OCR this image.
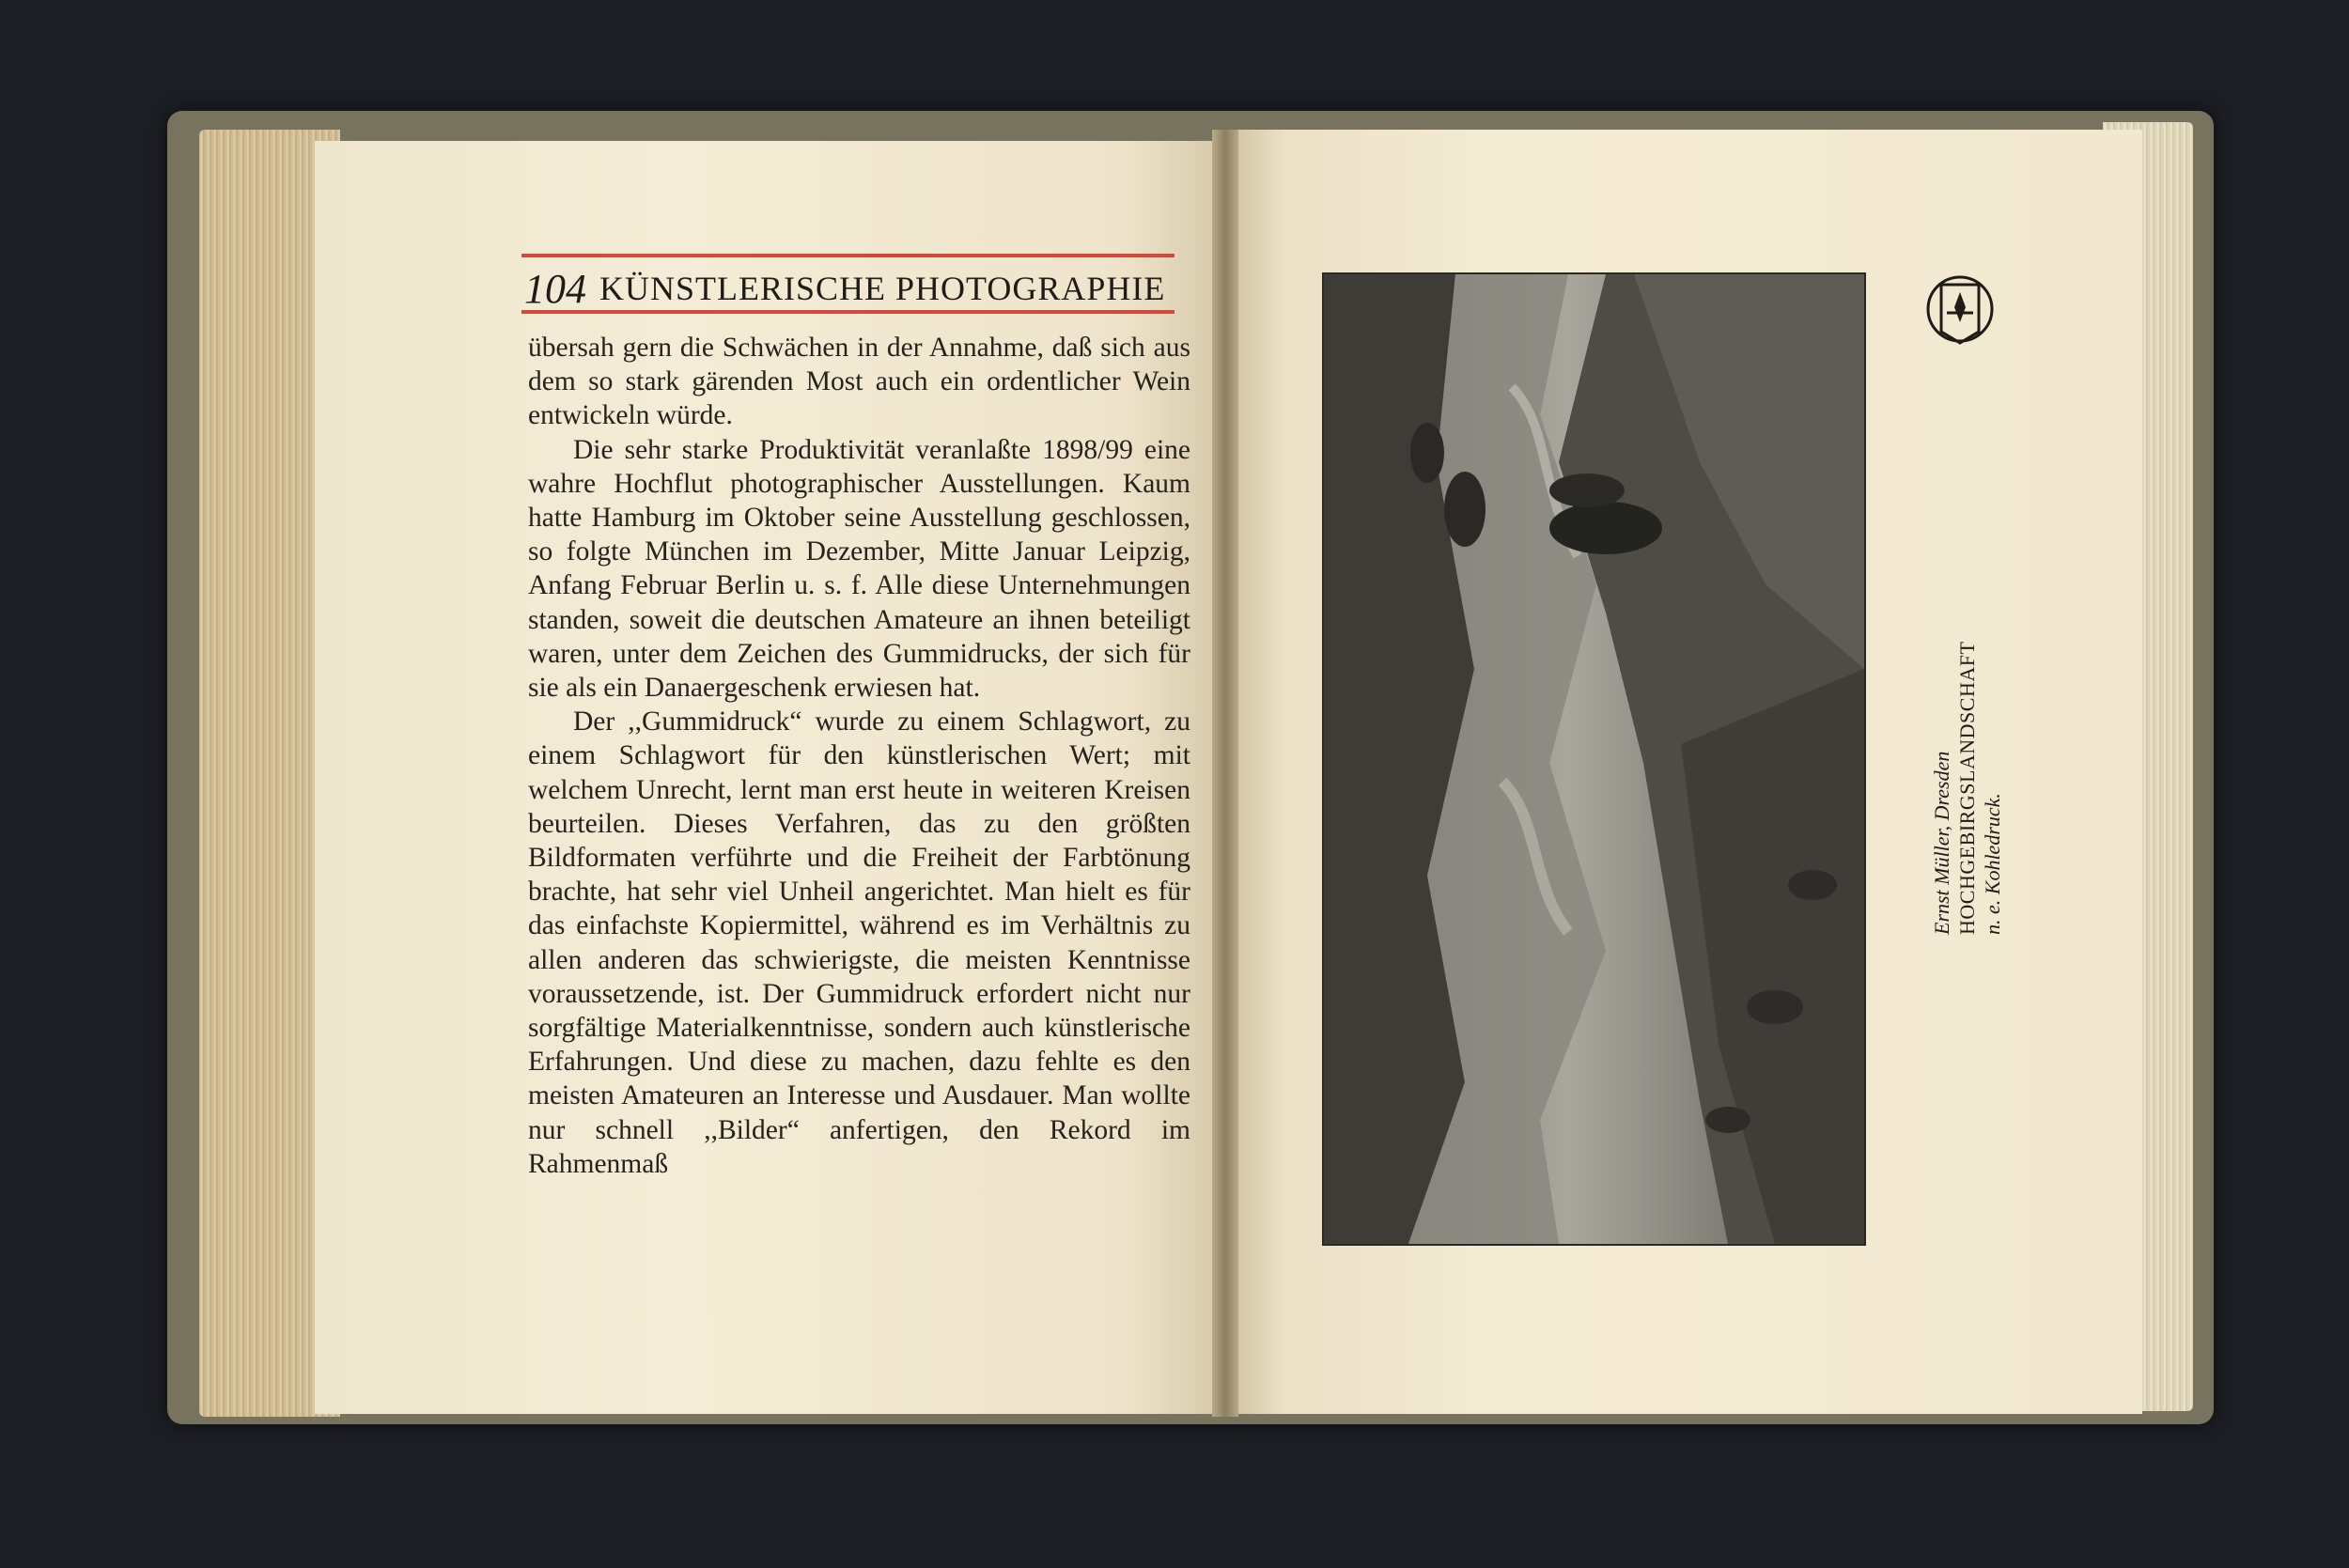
104 KÜNSTLERISCHE PHOTOGRAPHIE

übersah gern die Schwächen in der Annahme, daß sich aus dem so stark gärenden Most auch ein ordentlicher Wein entwickeln würde.

Die sehr starke Produktivität veranlaßte 1898/99 eine wahre Hochflut photographischer Ausstellungen. Kaum hatte Hamburg im Oktober seine Ausstellung geschlossen, so folgte München im Dezember, Mitte Januar Leipzig, Anfang Februar Berlin u. s. f. Alle diese Unternehmungen standen, soweit die deutschen Amateure an ihnen beteiligt waren, unter dem Zeichen des Gummidrucks, der sich für sie als ein Danaergeschenk erwiesen hat.

Der ,,Gummidruck“ wurde zu einem Schlagwort, zu einem Schlagwort für den künstlerischen Wert; mit welchem Unrecht, lernt man erst heute in weiteren Kreisen beurteilen. Dieses Verfahren, das zu den größten Bildformaten verführte und die Freiheit der Farbtönung brachte, hat sehr viel Unheil angerichtet. Man hielt es für das einfachste Kopiermittel, während es im Verhältnis zu allen anderen das schwierigste, die meisten Kenntnisse voraussetzende, ist. Der Gummidruck erfordert nicht nur sorgfältige Materialkenntnisse, sondern auch künstlerische Erfahrungen. Und diese zu machen, dazu fehlte es den meisten Amateuren an Interesse und Ausdauer. Man wollte nur schnell ,,Bilder“ anfertigen, den Rekord im Rahmenmaß

Ernst Müller, Dresden HOCHGEBIRGSLANDSCHAFT n. e. Kohledruck.
